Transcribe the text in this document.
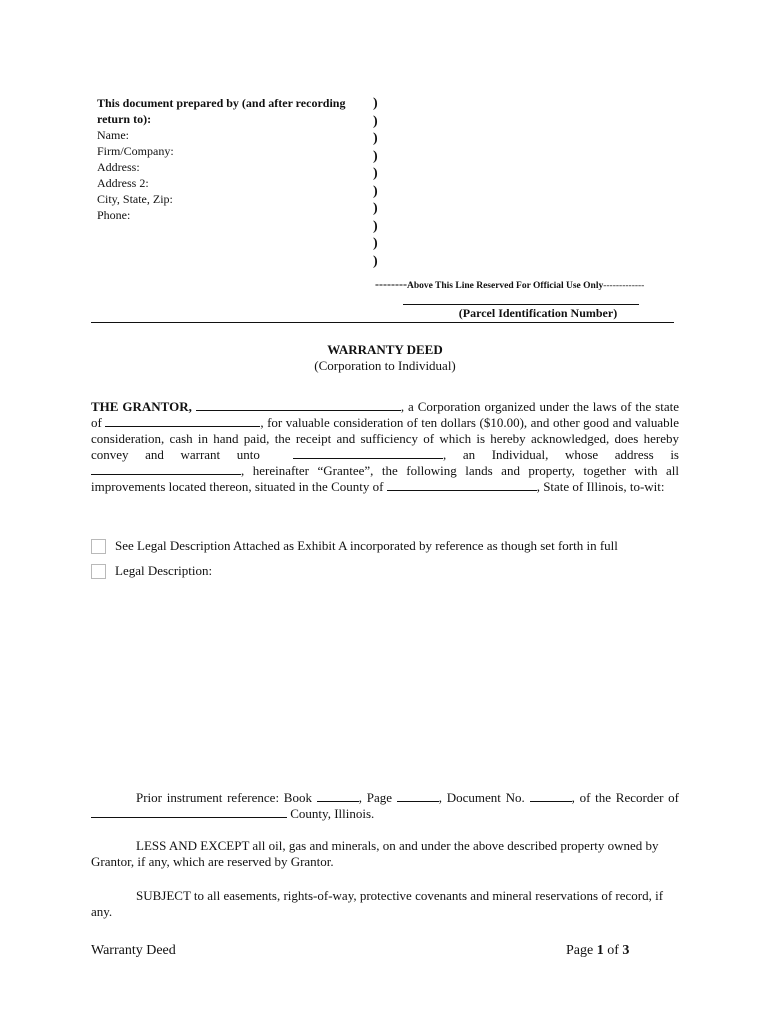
This document prepared by (and after recording return to):
Name:
Firm/Company:
Address:
Address 2:
City, State, Zip:
Phone:
)
)
)
)
)
)
)
)
)
)
--------Above This Line Reserved For Official Use Only-------------
(Parcel Identification Number)
WARRANTY DEED
(Corporation to Individual)
THE GRANTOR,	, a Corporation organized under the laws of the state of	, for valuable consideration of ten dollars ($10.00), and other good and valuable consideration, cash in hand paid, the receipt and sufficiency of which is hereby acknowledged, does hereby convey and warrant unto	, an Individual, whose address is , hereinafter “Grantee”, the following lands and property, together with all improvements located thereon, situated in the County of	, State of Illinois, to-wit:
See Legal Description Attached as Exhibit A incorporated by reference as though set forth in full
Legal Description:
Prior instrument reference: Book	, Page	, Document No.	, of the Recorder of  County, Illinois.
LESS AND EXCEPT all oil, gas and minerals, on and under the above described property owned by Grantor, if any, which are reserved by Grantor.
SUBJECT to all easements, rights-of-way, protective covenants and mineral reservations of record, if any.
Warranty Deed	Page 1 of 3
